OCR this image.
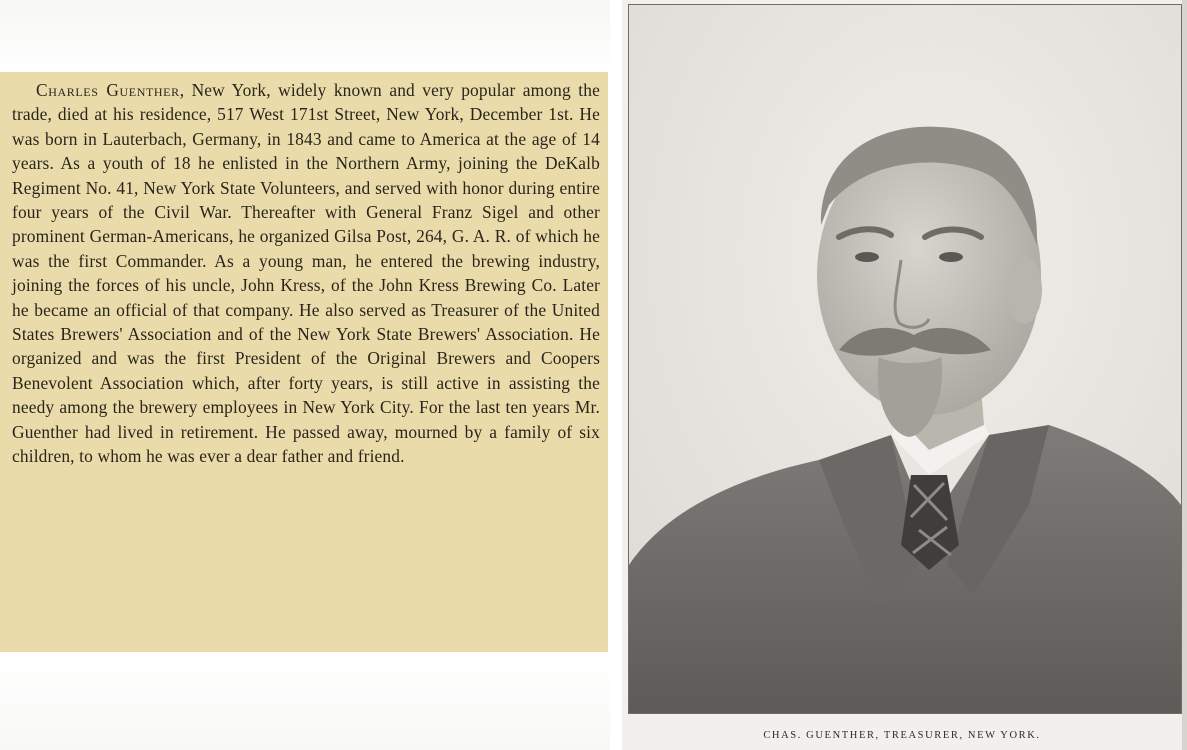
Charles Guenther, New York, widely known and very popular among the trade, died at his residence, 517 West 171st Street, New York, December 1st. He was born in Lauterbach, Germany, in 1843 and came to America at the age of 14 years. As a youth of 18 he enlisted in the Northern Army, joining the DeKalb Regiment No. 41, New York State Volunteers, and served with honor during entire four years of the Civil War. Thereafter with General Franz Sigel and other prominent German-Americans, he organized Gilsa Post, 264, G. A. R. of which he was the first Commander. As a young man, he entered the brewing industry, joining the forces of his uncle, John Kress, of the John Kress Brewing Co. Later he became an official of that company. He also served as Treasurer of the United States Brewers' Association and of the New York State Brewers' Association. He organized and was the first President of the Original Brewers and Coopers Benevolent Association which, after forty years, is still active in assisting the needy among the brewery employees in New York City. For the last ten years Mr. Guenther had lived in retirement. He passed away, mourned by a family of six children, to whom he was ever a dear father and friend.

CHAS. GUENTHER, TREASURER, NEW YORK.
